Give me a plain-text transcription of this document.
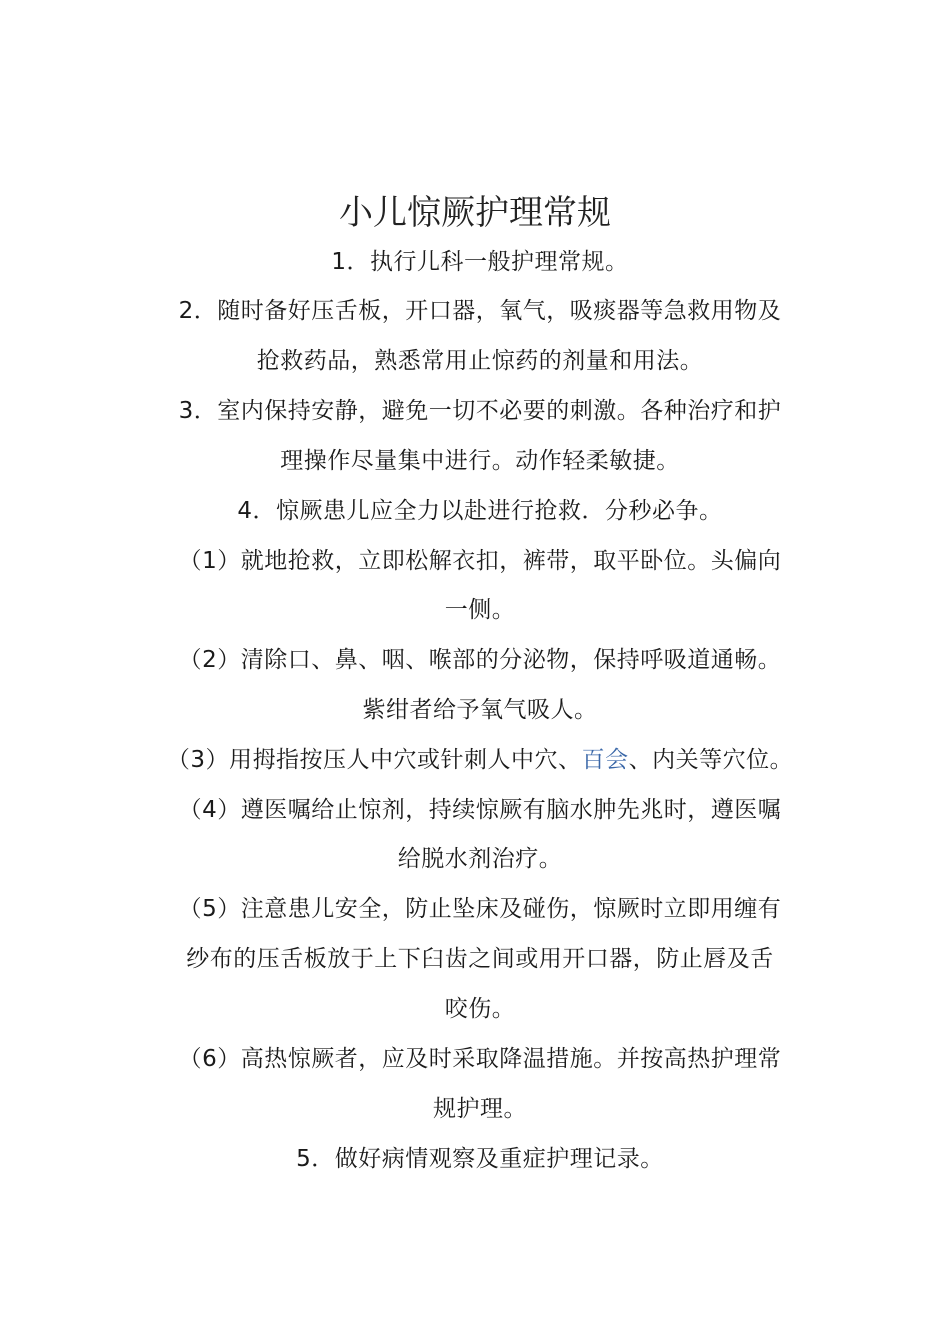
小儿惊厥护理常规
1．执行儿科一般护理常规。
2．随时备好压舌板，开口器，氧气，吸痰器等急救用物及
抢救药品，熟悉常用止惊药的剂量和用法。
3．室内保持安静，避免一切不必要的刺激。各种治疗和护
理操作尽量集中进行。动作轻柔敏捷。
4．惊厥患儿应全力以赴进行抢救．分秒必争。
（1）就地抢救，立即松解衣扣，裤带，取平卧位。头偏向
一侧。
（2）清除口、鼻、咽、喉部的分泌物，保持呼吸道通畅。
紫绀者给予氧气吸人。
（3）用拇指按压人中穴或针刺人中穴、百会、内关等穴位。
（4）遵医嘱给止惊剂，持续惊厥有脑水肿先兆时，遵医嘱
给脱水剂治疗。
（5）注意患儿安全，防止坠床及碰伤，惊厥时立即用缠有
纱布的压舌板放于上下臼齿之间或用开口器，防止唇及舌
咬伤。
（6）高热惊厥者，应及时采取降温措施。并按高热护理常
规护理。
5．做好病情观察及重症护理记录。
